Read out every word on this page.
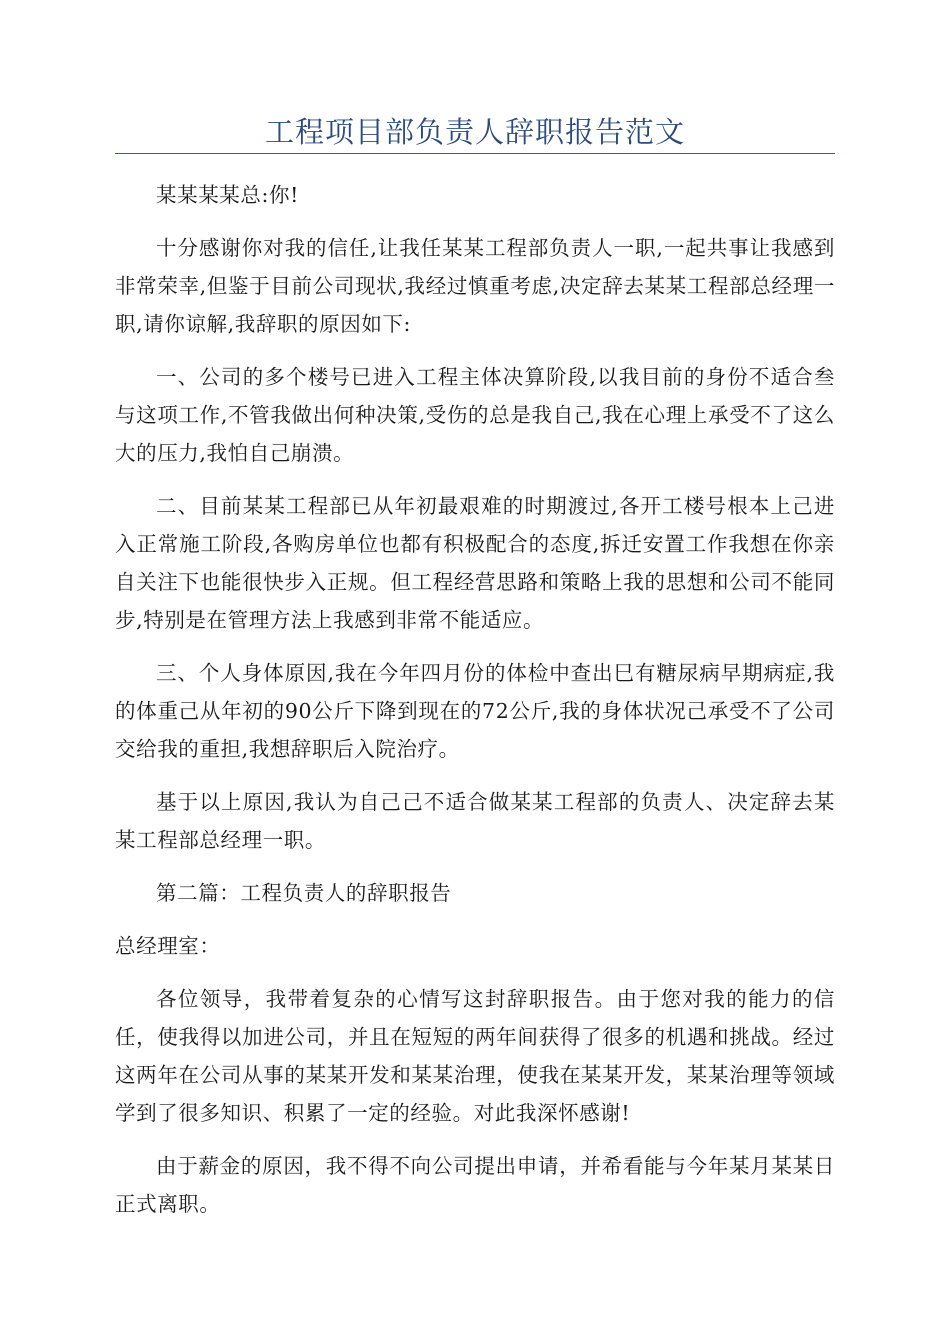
工程项目部负责人辞职报告范文

某某某某总:你!

十分感谢你对我的信任,让我任某某工程部负责人一职,一起共事让我感到非常荣幸,但鉴于目前公司现状,我经过慎重考虑,决定辞去某某工程部总经理一职,请你谅解,我辞职的原因如下:

一、公司的多个楼号已进入工程主体决算阶段,以我目前的身份不适合叁与这项工作,不管我做出何种决策,受伤的总是我自己,我在心理上承受不了这么大的压力,我怕自己崩溃。

二、目前某某工程部已从年初最艰难的时期渡过,各开工楼号根本上己进入正常施工阶段,各购房单位也都有积极配合的态度,拆迁安置工作我想在你亲自关注下也能很快步入正规。但工程经营思路和策略上我的思想和公司不能同步,特别是在管理方法上我感到非常不能适应。

三、个人身体原因,我在今年四月份的体检中查出巳有糖尿病早期病症,我的体重己从年初的90公斤下降到现在的72公斤,我的身体状况己承受不了公司交给我的重担,我想辞职后入院治疗。

基于以上原因,我认为自己己不适合做某某工程部的负责人、决定辞去某某工程部总经理一职。

第二篇：工程负责人的辞职报告

总经理室：

各位领导，我带着复杂的心情写这封辞职报告。由于您对我的能力的信任，使我得以加进公司，并且在短短的两年间获得了很多的机遇和挑战。经过这两年在公司从事的某某开发和某某治理，使我在某某开发，某某治理等领域学到了很多知识、积累了一定的经验。对此我深怀感谢!

由于薪金的原因，我不得不向公司提出申请，并希看能与今年某月某某日正式离职。
